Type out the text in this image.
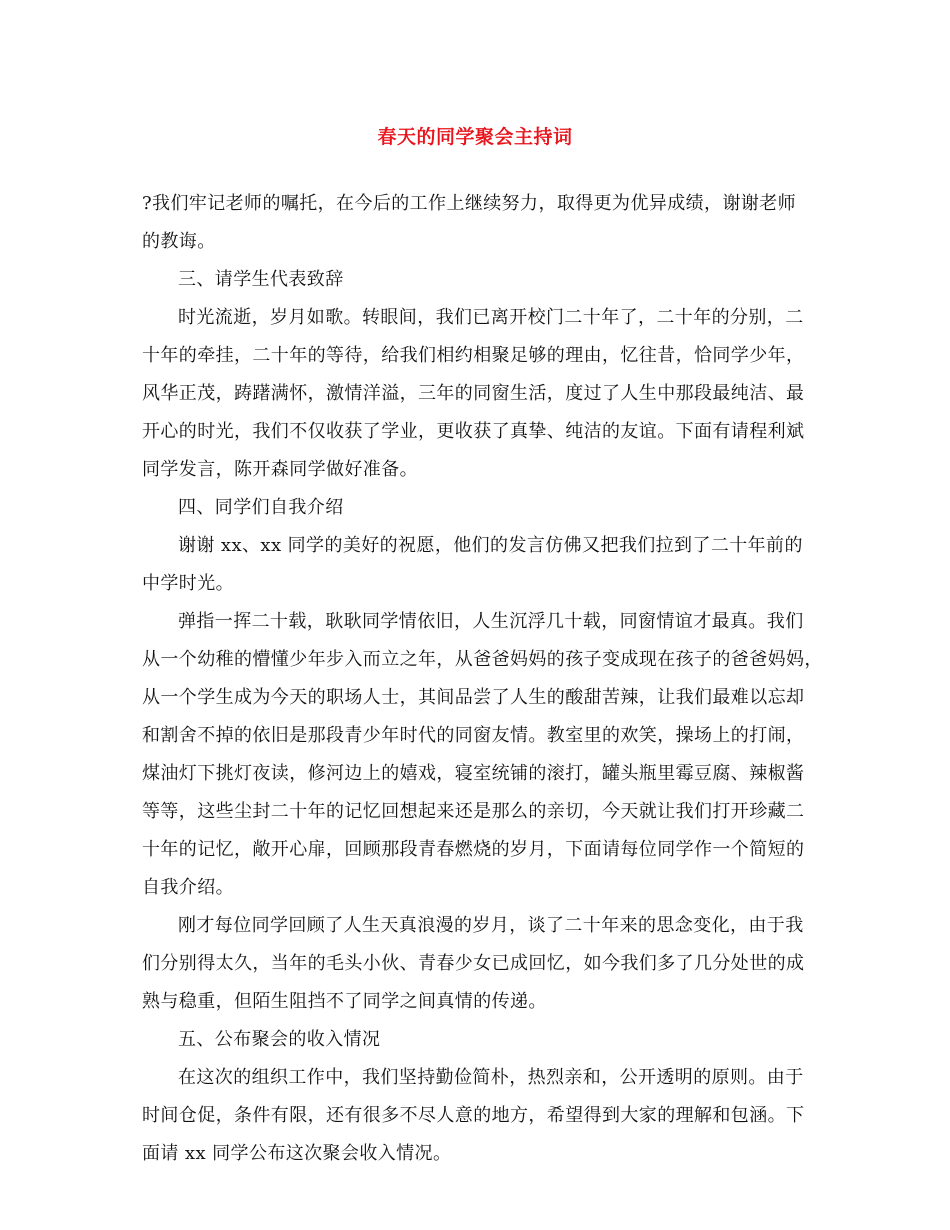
春天的同学聚会主持词
?我们牢记老师的嘱托，在今后的工作上继续努力，取得更为优异成绩，谢谢老师
的教诲。
三、请学生代表致辞
时光流逝，岁月如歌。转眼间，我们已离开校门二十年了，二十年的分别，二
十年的牵挂，二十年的等待，给我们相约相聚足够的理由，忆往昔，恰同学少年，
风华正茂，踌躇满怀，激情洋溢，三年的同窗生活，度过了人生中那段最纯洁、最
开心的时光，我们不仅收获了学业，更收获了真挚、纯洁的友谊。下面有请程利斌
同学发言，陈开森同学做好准备。
四、同学们自我介绍
谢谢 xx、xx 同学的美好的祝愿，他们的发言仿佛又把我们拉到了二十年前的
中学时光。
弹指一挥二十载，耿耿同学情依旧，人生沉浮几十载，同窗情谊才最真。我们
从一个幼稚的懵懂少年步入而立之年，从爸爸妈妈的孩子变成现在孩子的爸爸妈妈，
从一个学生成为今天的职场人士，其间品尝了人生的酸甜苦辣，让我们最难以忘却
和割舍不掉的依旧是那段青少年时代的同窗友情。教室里的欢笑，操场上的打闹，
煤油灯下挑灯夜读，修河边上的嬉戏，寝室统铺的滚打，罐头瓶里霉豆腐、辣椒酱
等等，这些尘封二十年的记忆回想起来还是那么的亲切，今天就让我们打开珍藏二
十年的记忆，敞开心扉，回顾那段青春燃烧的岁月，下面请每位同学作一个简短的
自我介绍。
刚才每位同学回顾了人生天真浪漫的岁月，谈了二十年来的思念变化，由于我
们分别得太久，当年的毛头小伙、青春少女已成回忆，如今我们多了几分处世的成
熟与稳重，但陌生阻挡不了同学之间真情的传递。
五、公布聚会的收入情况
在这次的组织工作中，我们坚持勤俭简朴，热烈亲和，公开透明的原则。由于
时间仓促，条件有限，还有很多不尽人意的地方，希望得到大家的理解和包涵。下
面请 xx 同学公布这次聚会收入情况。
